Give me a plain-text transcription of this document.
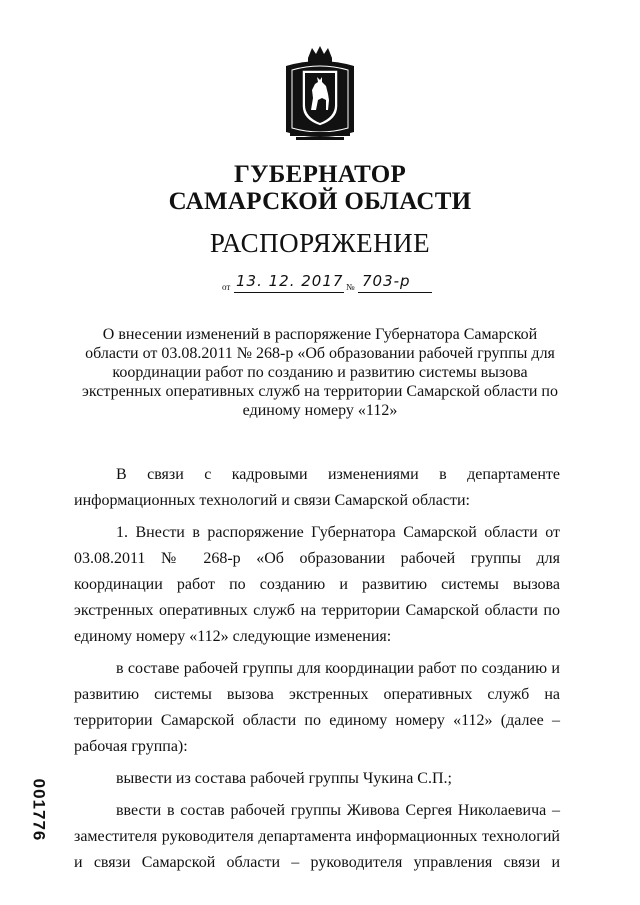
ГУБЕРНАТОР
САМАРСКОЙ ОБЛАСТИ
РАСПОРЯЖЕНИЕ
от 13. 12. 2017 № 703-р
О внесении изменений в распоряжение Губернатора Самарской области от 03.08.2011 № 268-р «Об образовании рабочей группы для координации работ по созданию и развитию системы вызова экстренных оперативных служб на территории Самарской области по единому номеру «112»

В связи с кадровыми изменениями в департаменте информационных технологий и связи Самарской области:

1. Внести в распоряжение Губернатора Самарской области от 03.08.2011 № 268-р «Об образовании рабочей группы для координации работ по созданию и развитию системы вызова экстренных оперативных служб на территории Самарской области по единому номеру «112» следующие изменения:

в составе рабочей группы для координации работ по созданию и развитию системы вызова экстренных оперативных служб на территории Самарской области по единому номеру «112» (далее – рабочая группа):

вывести из состава рабочей группы Чукина С.П.;

ввести в состав рабочей группы Живова Сергея Николаевича – заместителя руководителя департамента информационных технологий и связи Самарской области – руководителя управления связи и

001776
